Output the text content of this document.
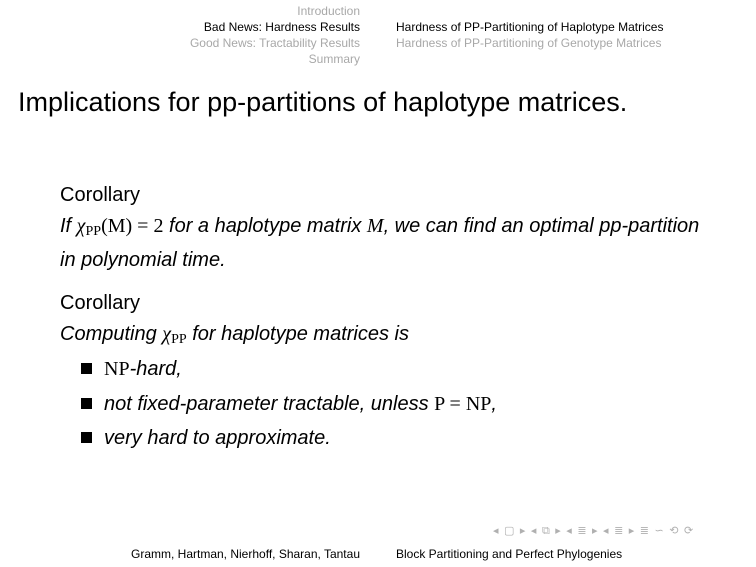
Introduction
Bad News: Hardness Results
Good News: Tractability Results
Summary
Hardness of PP-Partitioning of Haplotype Matrices
Hardness of PP-Partitioning of Genotype Matrices
Implications for pp-partitions of haplotype matrices.
Corollary
If $\chi_{PP}(M) = 2$ for a haplotype matrix M, we can find an optimal pp-partition in polynomial time.
Corollary
Computing $\chi_{PP}$ for haplotype matrices is
NP-hard,
not fixed-parameter tractable, unless P = NP,
very hard to approximate.
◂ ▢ ▸ ◂ ⧉ ▸ ◂ ≣ ▸ ◂ ≣ ▸ ≣ ∽ ⟲ ⟳
Gramm, Hartman, Nierhoff, Sharan, Tantau	Block Partitioning and Perfect Phylogenies
